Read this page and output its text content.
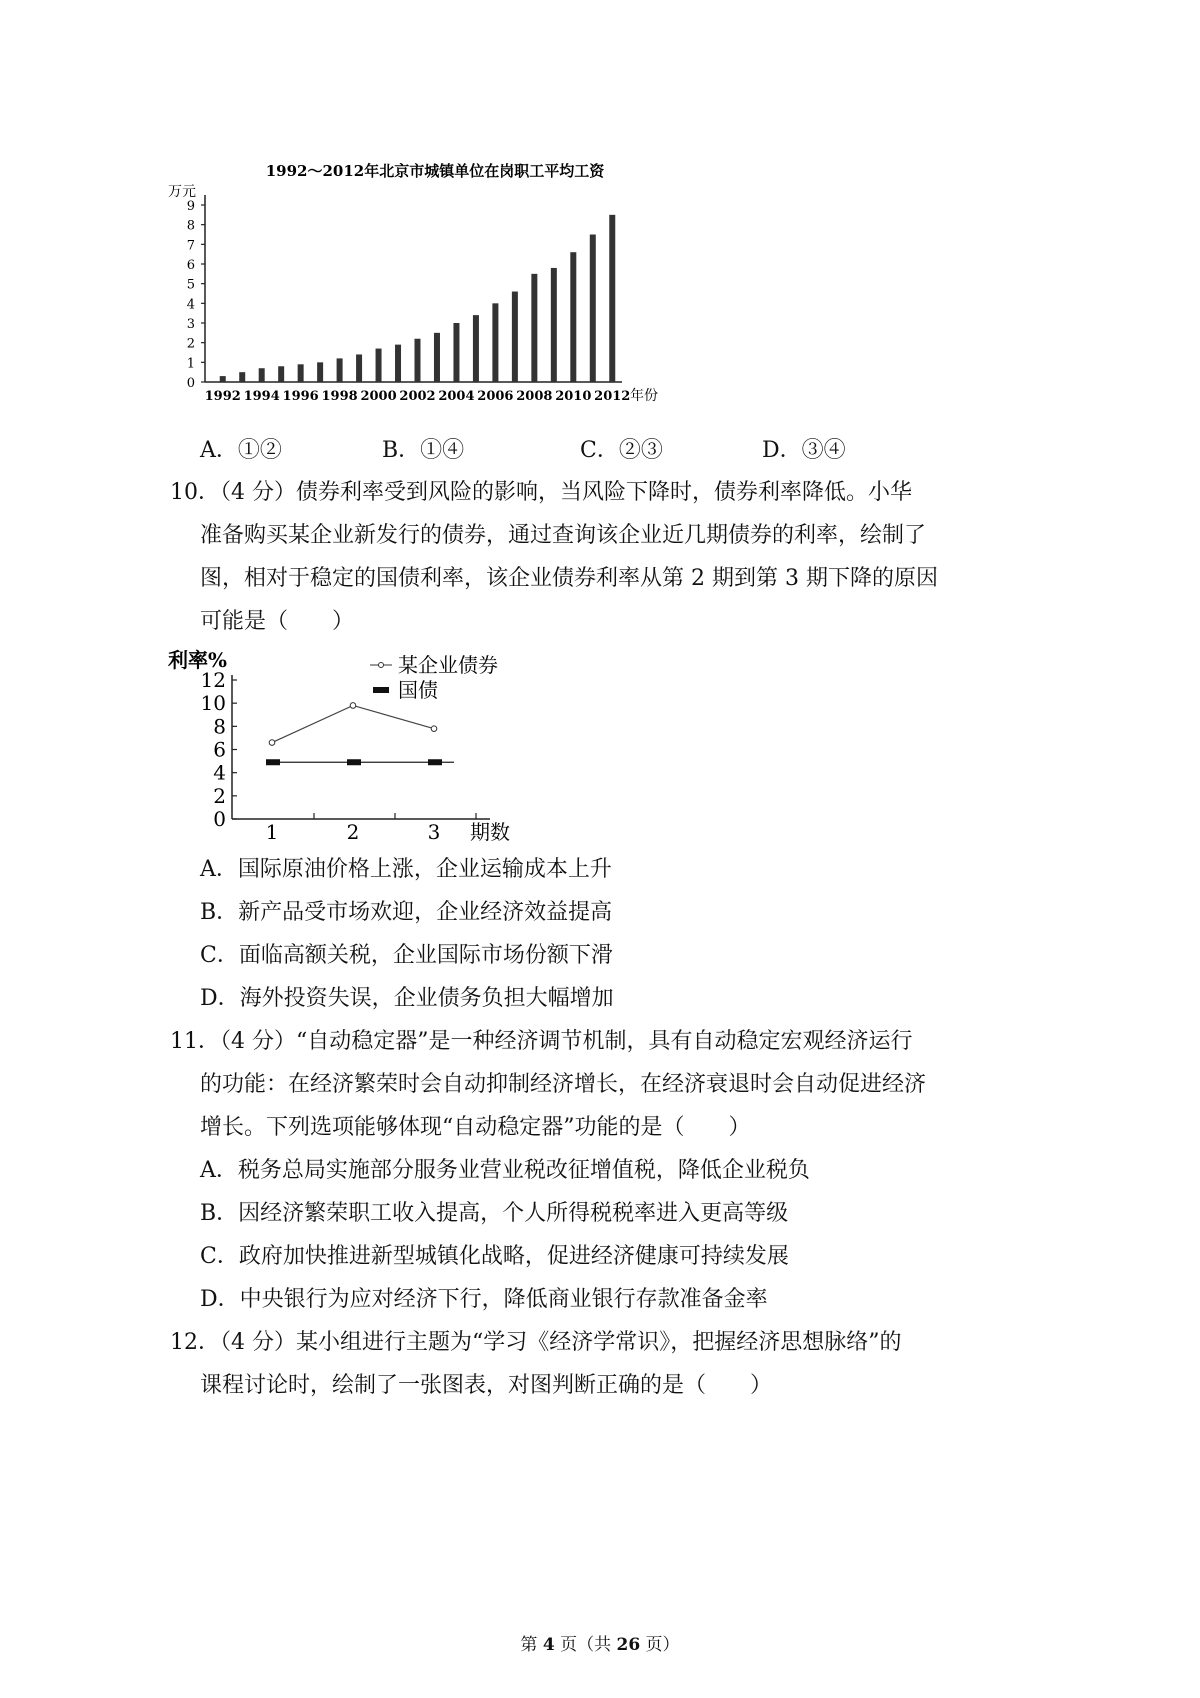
1992～2012年北京市城镇单位在岗职工平均工资
万元
年份
0
1
2
3
4
5
6
7
8
9
1992 1994 1996 1998 2000 2002 2004 2006 2008 2010 2012
A．①②	B．①④	C．②③	D．③④
10．（4 分）债券利率受到风险的影响，当风险下降时，债券利率降低。小华
准备购买某企业新发行的债券，通过查询该企业近几期债券的利率，绘制了
图，相对于稳定的国债利率，该企业债券利率从第 2 期到第 3 期下降的原因
可能是（　　）
利率%
期数
某企业债券
国债
0
2
4
6
8
10
12
1	2	3
A．国际原油价格上涨，企业运输成本上升
B．新产品受市场欢迎，企业经济效益提高
C．面临高额关税，企业国际市场份额下滑
D．海外投资失误，企业债务负担大幅增加
11．（4 分）“自动稳定器”是一种经济调节机制，具有自动稳定宏观经济运行
的功能：在经济繁荣时会自动抑制经济增长，在经济衰退时会自动促进经济
增长。下列选项能够体现“自动稳定器”功能的是（　　）
A．税务总局实施部分服务业营业税改征增值税，降低企业税负
B．因经济繁荣职工收入提高，个人所得税税率进入更高等级
C．政府加快推进新型城镇化战略，促进经济健康可持续发展
D．中央银行为应对经济下行，降低商业银行存款准备金率
12．（4 分）某小组进行主题为“学习《经济学常识》，把握经济思想脉络”的
课程讨论时，绘制了一张图表，对图判断正确的是（　　）
第 4 页（共 26 页）
